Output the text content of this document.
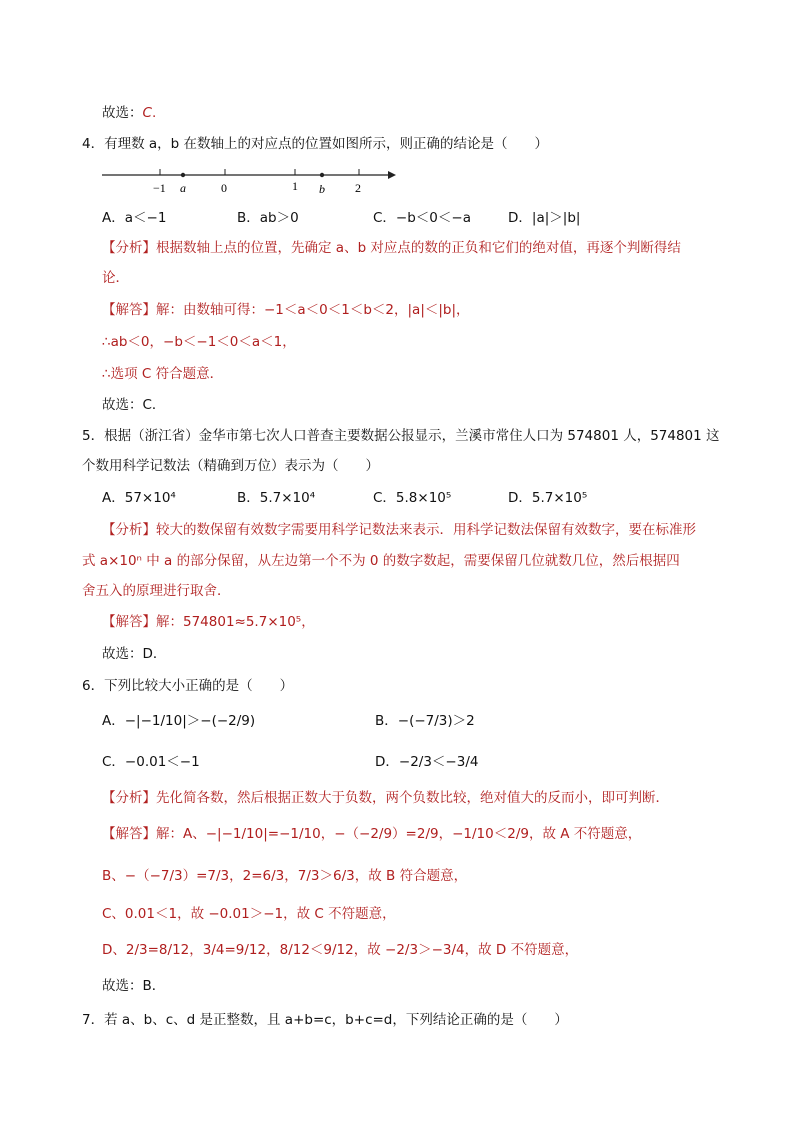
故选：C.
4．有理数 a，b 在数轴上的对应点的位置如图所示，则正确的结论是（　　）
−1	0	1	2
a	b
A．a＜−1	B．ab＞0	C．−b＜0＜−a	D．|a|＞|b|
【分析】根据数轴上点的位置，先确定 a、b 对应点的数的正负和它们的绝对值，再逐个判断得结
论．
【解答】解：由数轴可得：−1＜a＜0＜1＜b＜2，|a|＜|b|，
∴ab＜0，−b＜−1＜0＜a＜1，
∴选项 C 符合题意．
故选：C．
5．根据（浙江省）金华市第七次人口普查主要数据公报显示，兰溪市常住人口为 574801 人，574801 这
个数用科学记数法（精确到万位）表示为（　　）
A．57×10⁴	B．5.7×10⁴	C．5.8×10⁵	D．5.7×10⁵
【分析】较大的数保留有效数字需要用科学记数法来表示．用科学记数法保留有效数字，要在标准形
式 a×10ⁿ 中 a 的部分保留，从左边第一个不为 0 的数字数起，需要保留几位就数几位，然后根据四
舍五入的原理进行取舍．
【解答】解：574801≈5.7×10⁵，
故选：D．
6．下列比较大小正确的是（　　）
A．−|−1/10|＞−(−2/9)	B．−(−7/3)＞2
C．−0.01＜−1	D．−2/3＜−3/4
【分析】先化简各数，然后根据正数大于负数，两个负数比较，绝对值大的反而小，即可判断．
【解答】解：A、−|−1/10|=−1/10，−（−2/9）=2/9，−1/10＜2/9，故 A 不符题意，
B、−（−7/3）=7/3，2=6/3，7/3＞6/3，故 B 符合题意，
C、0.01＜1，故 −0.01＞−1，故 C 不符题意，
D、2/3=8/12，3/4=9/12，8/12＜9/12，故 −2/3＞−3/4，故 D 不符题意，
故选：B．
7．若 a、b、c、d 是正整数，且 a+b=c，b+c=d，下列结论正确的是（　　）
